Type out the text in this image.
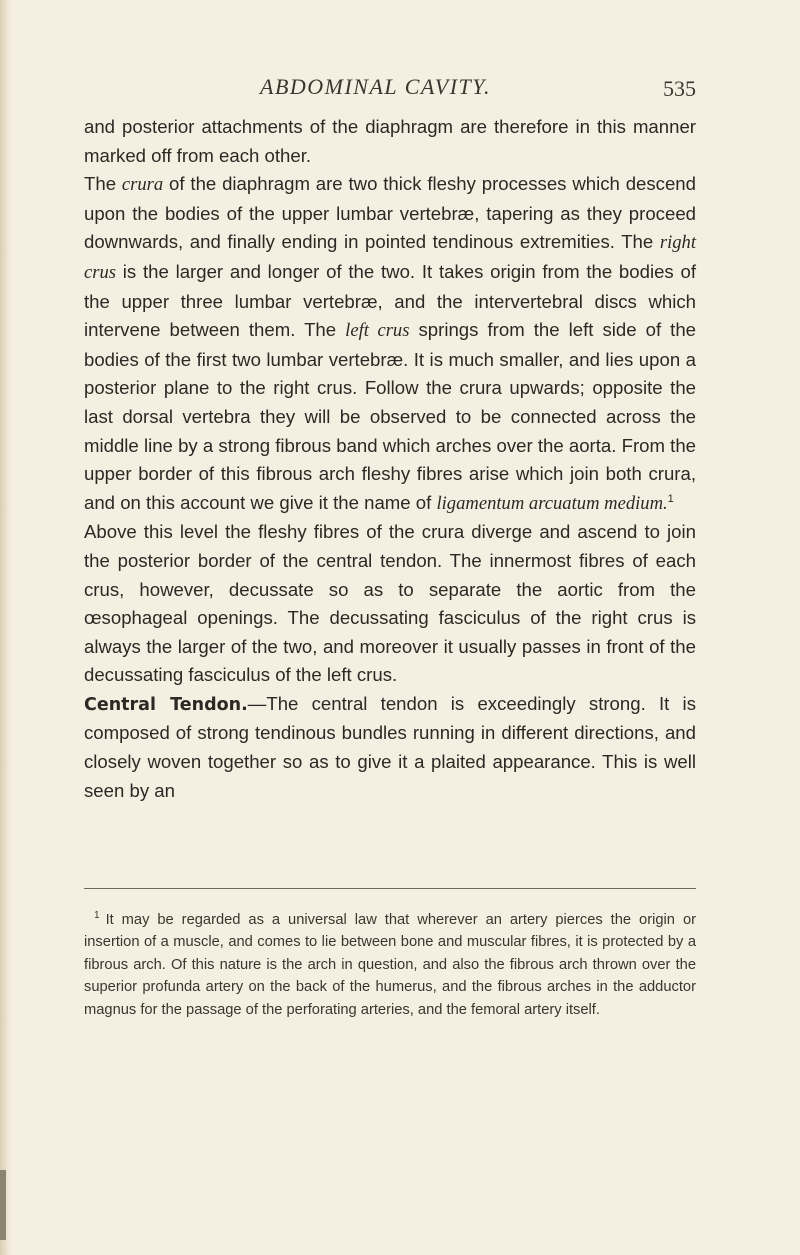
ABDOMINAL CAVITY.	535

and posterior attachments of the diaphragm are therefore in this manner marked off from each other.

The crura of the diaphragm are two thick fleshy processes which descend upon the bodies of the upper lumbar vertebræ, tapering as they proceed downwards, and finally ending in pointed tendinous extremities. The right crus is the larger and longer of the two. It takes origin from the bodies of the upper three lumbar vertebræ, and the intervertebral discs which intervene between them. The left crus springs from the left side of the bodies of the first two lumbar vertebræ. It is much smaller, and lies upon a posterior plane to the right crus. Follow the crura upwards; opposite the last dorsal vertebra they will be observed to be connected across the middle line by a strong fibrous band which arches over the aorta. From the upper border of this fibrous arch fleshy fibres arise which join both crura, and on this account we give it the name of ligamentum arcuatum medium.$^1$

Above this level the fleshy fibres of the crura diverge and ascend to join the posterior border of the central tendon. The innermost fibres of each crus, however, decussate so as to separate the aortic from the œsophageal openings. The decussating fasciculus of the right crus is always the larger of the two, and moreover it usually passes in front of the decussating fasciculus of the left crus.

Central Tendon.—The central tendon is exceedingly strong. It is composed of strong tendinous bundles running in different directions, and closely woven together so as to give it a plaited appearance. This is well seen by an

$^1$ It may be regarded as a universal law that wherever an artery pierces the origin or insertion of a muscle, and comes to lie between bone and muscular fibres, it is protected by a fibrous arch. Of this nature is the arch in question, and also the fibrous arch thrown over the superior profunda artery on the back of the humerus, and the fibrous arches in the adductor magnus for the passage of the perforating arteries, and the femoral artery itself.
